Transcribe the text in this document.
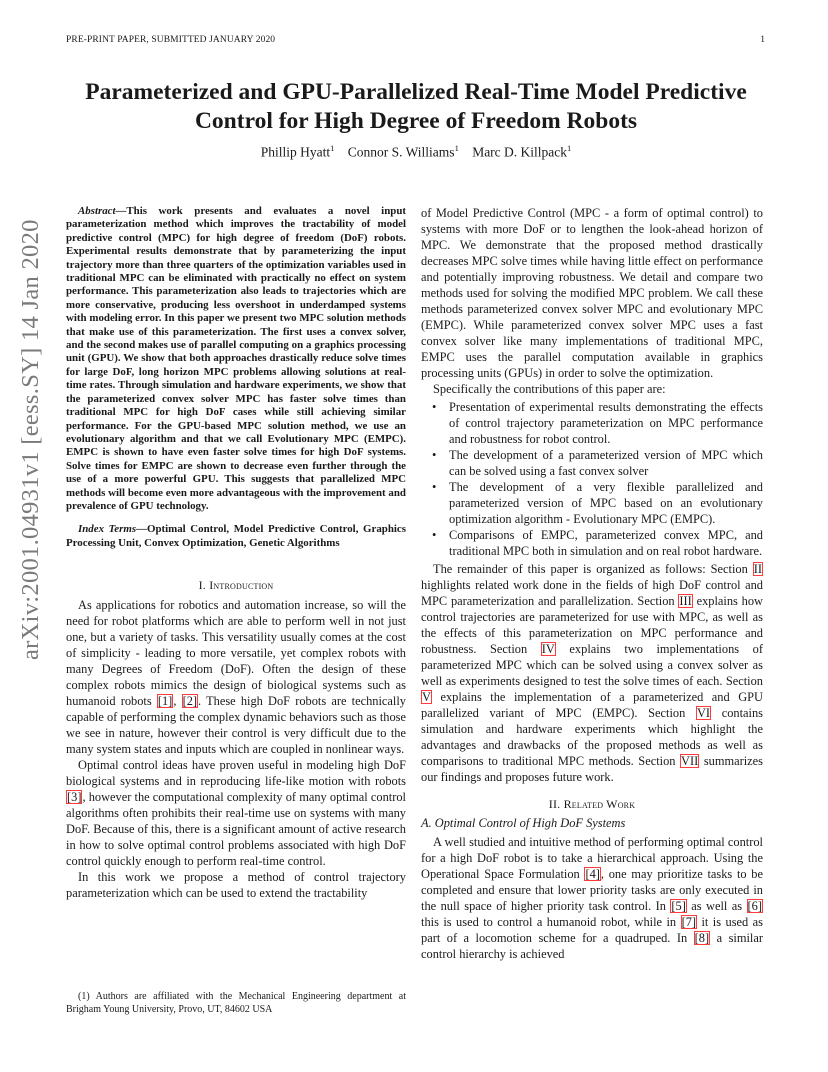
PRE-PRINT PAPER, SUBMITTED JANUARY 2020	1
arXiv:2001.04931v1 [eess.SY] 14 Jan 2020
Parameterized and GPU-Parallelized Real-Time Model Predictive
Control for High Degree of Freedom Robots
Phillip Hyatt$^1$ Connor S. Williams$^1$ Marc D. Killpack$^1$

Abstract—This work presents and evaluates a novel input parameterization method which improves the tractability of model predictive control (MPC) for high degree of freedom (DoF) robots. Experimental results demonstrate that by parameterizing the input trajectory more than three quarters of the optimization variables used in traditional MPC can be eliminated with practically no effect on system performance. This parameterization also leads to trajectories which are more conservative, producing less overshoot in underdamped systems with modeling error. In this paper we present two MPC solution methods that make use of this parameterization. The first uses a convex solver, and the second makes use of parallel computing on a graphics processing unit (GPU). We show that both approaches drastically reduce solve times for large DoF, long horizon MPC problems allowing solutions at real-time rates. Through simulation and hardware experiments, we show that the parameterized convex solver MPC has faster solve times than traditional MPC for high DoF cases while still achieving similar performance. For the GPU-based MPC solution method, we use an evolutionary algorithm and that we call Evolutionary MPC (EMPC). EMPC is shown to have even faster solve times for high DoF systems. Solve times for EMPC are shown to decrease even further through the use of a more powerful GPU. This suggests that parallelized MPC methods will become even more advantageous with the improvement and prevalence of GPU technology.

Index Terms—Optimal Control, Model Predictive Control, Graphics Processing Unit, Convex Optimization, Genetic Algorithms

I. Introduction

As applications for robotics and automation increase, so will the need for robot platforms which are able to perform well in not just one, but a variety of tasks. This versatility usually comes at the cost of simplicity - leading to more versatile, yet complex robots with many Degrees of Freedom (DoF). Often the design of these complex robots mimics the design of biological systems such as humanoid robots [1], [2]. These high DoF robots are technically capable of performing the complex dynamic behaviors such as those we see in nature, however their control is very difficult due to the many system states and inputs which are coupled in nonlinear ways.

Optimal control ideas have proven useful in modeling high DoF biological systems and in reproducing life-like motion with robots [3], however the computational complexity of many optimal control algorithms often prohibits their real-time use on systems with many DoF. Because of this, there is a significant amount of active research in how to solve optimal control problems associated with high DoF control quickly enough to perform real-time control.

In this work we propose a method of control trajectory parameterization which can be used to extend the tractability

(1) Authors are affiliated with the Mechanical Engineering department at Brigham Young University, Provo, UT, 84602 USA

of Model Predictive Control (MPC - a form of optimal control) to systems with more DoF or to lengthen the look-ahead horizon of MPC. We demonstrate that the proposed method drastically decreases MPC solve times while having little effect on performance and potentially improving robustness. We detail and compare two methods used for solving the modified MPC problem. We call these methods parameterized convex solver MPC and evolutionary MPC (EMPC). While parameterized convex solver MPC uses a fast convex solver like many implementations of traditional MPC, EMPC uses the parallel computation available in graphics processing units (GPUs) in order to solve the optimization.

Specifically the contributions of this paper are:

• Presentation of experimental results demonstrating the effects of control trajectory parameterization on MPC performance and robustness for robot control.
• The development of a parameterized version of MPC which can be solved using a fast convex solver
• The development of a very flexible parallelized and parameterized version of MPC based on an evolutionary optimization algorithm - Evolutionary MPC (EMPC).
• Comparisons of EMPC, parameterized convex MPC, and traditional MPC both in simulation and on real robot hardware.

The remainder of this paper is organized as follows: Section II highlights related work done in the fields of high DoF control and MPC parameterization and parallelization. Section III explains how control trajectories are parameterized for use with MPC, as well as the effects of this parameterization on MPC performance and robustness. Section IV explains two implementations of parameterized MPC which can be solved using a convex solver as well as experiments designed to test the solve times of each. Section V explains the implementation of a parameterized and GPU parallelized variant of MPC (EMPC). Section VI contains simulation and hardware experiments which highlight the advantages and drawbacks of the proposed methods as well as comparisons to traditional MPC methods. Section VII summarizes our findings and proposes future work.

II. Related Work
A. Optimal Control of High DoF Systems

A well studied and intuitive method of performing optimal control for a high DoF robot is to take a hierarchical approach. Using the Operational Space Formulation [4], one may prioritize tasks to be completed and ensure that lower priority tasks are only executed in the null space of higher priority task control. In [5] as well as [6] this is used to control a humanoid robot, while in [7] it is used as part of a locomotion scheme for a quadruped. In [8] a similar control hierarchy is achieved
